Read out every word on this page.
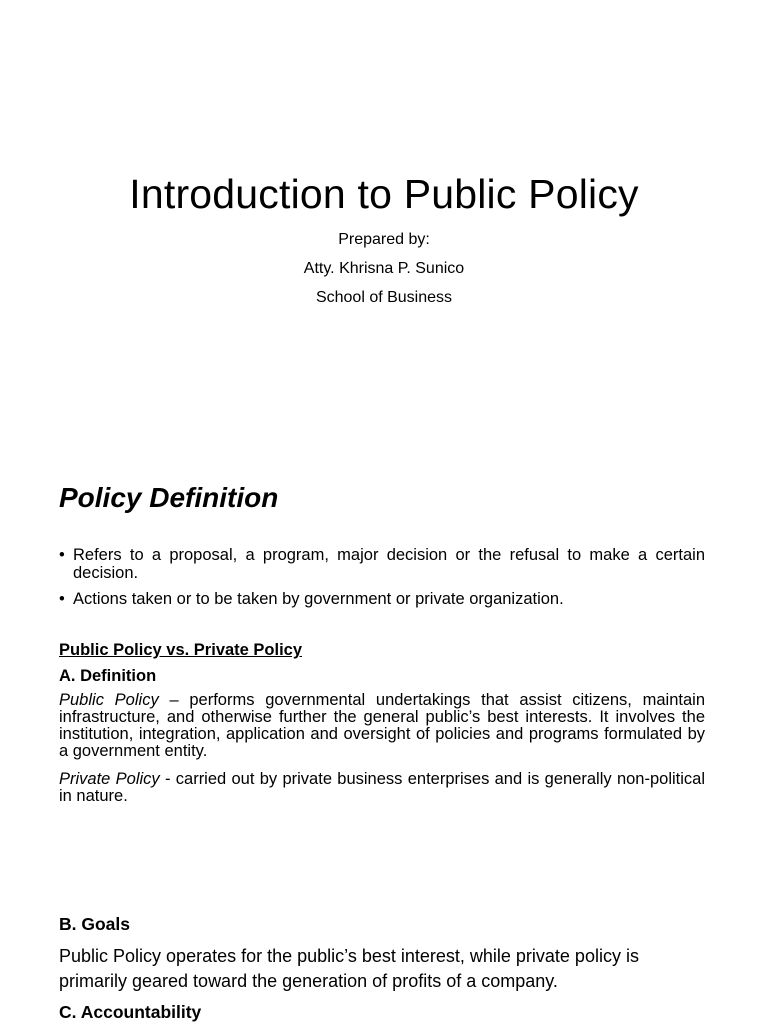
Introduction to Public Policy

Prepared by:

Atty. Khrisna P. Sunico

School of Business

Policy Definition
• Refers to a proposal, a program, major decision or the refusal to make a certain decision.
• Actions taken or to be taken by government or private organization.

Public Policy vs. Private Policy

A. Definition

Public Policy – performs governmental undertakings that assist citizens, maintain infrastructure, and otherwise further the general public’s best interests. It involves the institution, integration, application and oversight of policies and programs formulated by a government entity.

Private Policy - carried out by private business enterprises and is generally non-political in nature.

B. Goals

Public Policy operates for the public’s best interest, while private policy is primarily geared toward the generation of profits of a company.

C. Accountability
